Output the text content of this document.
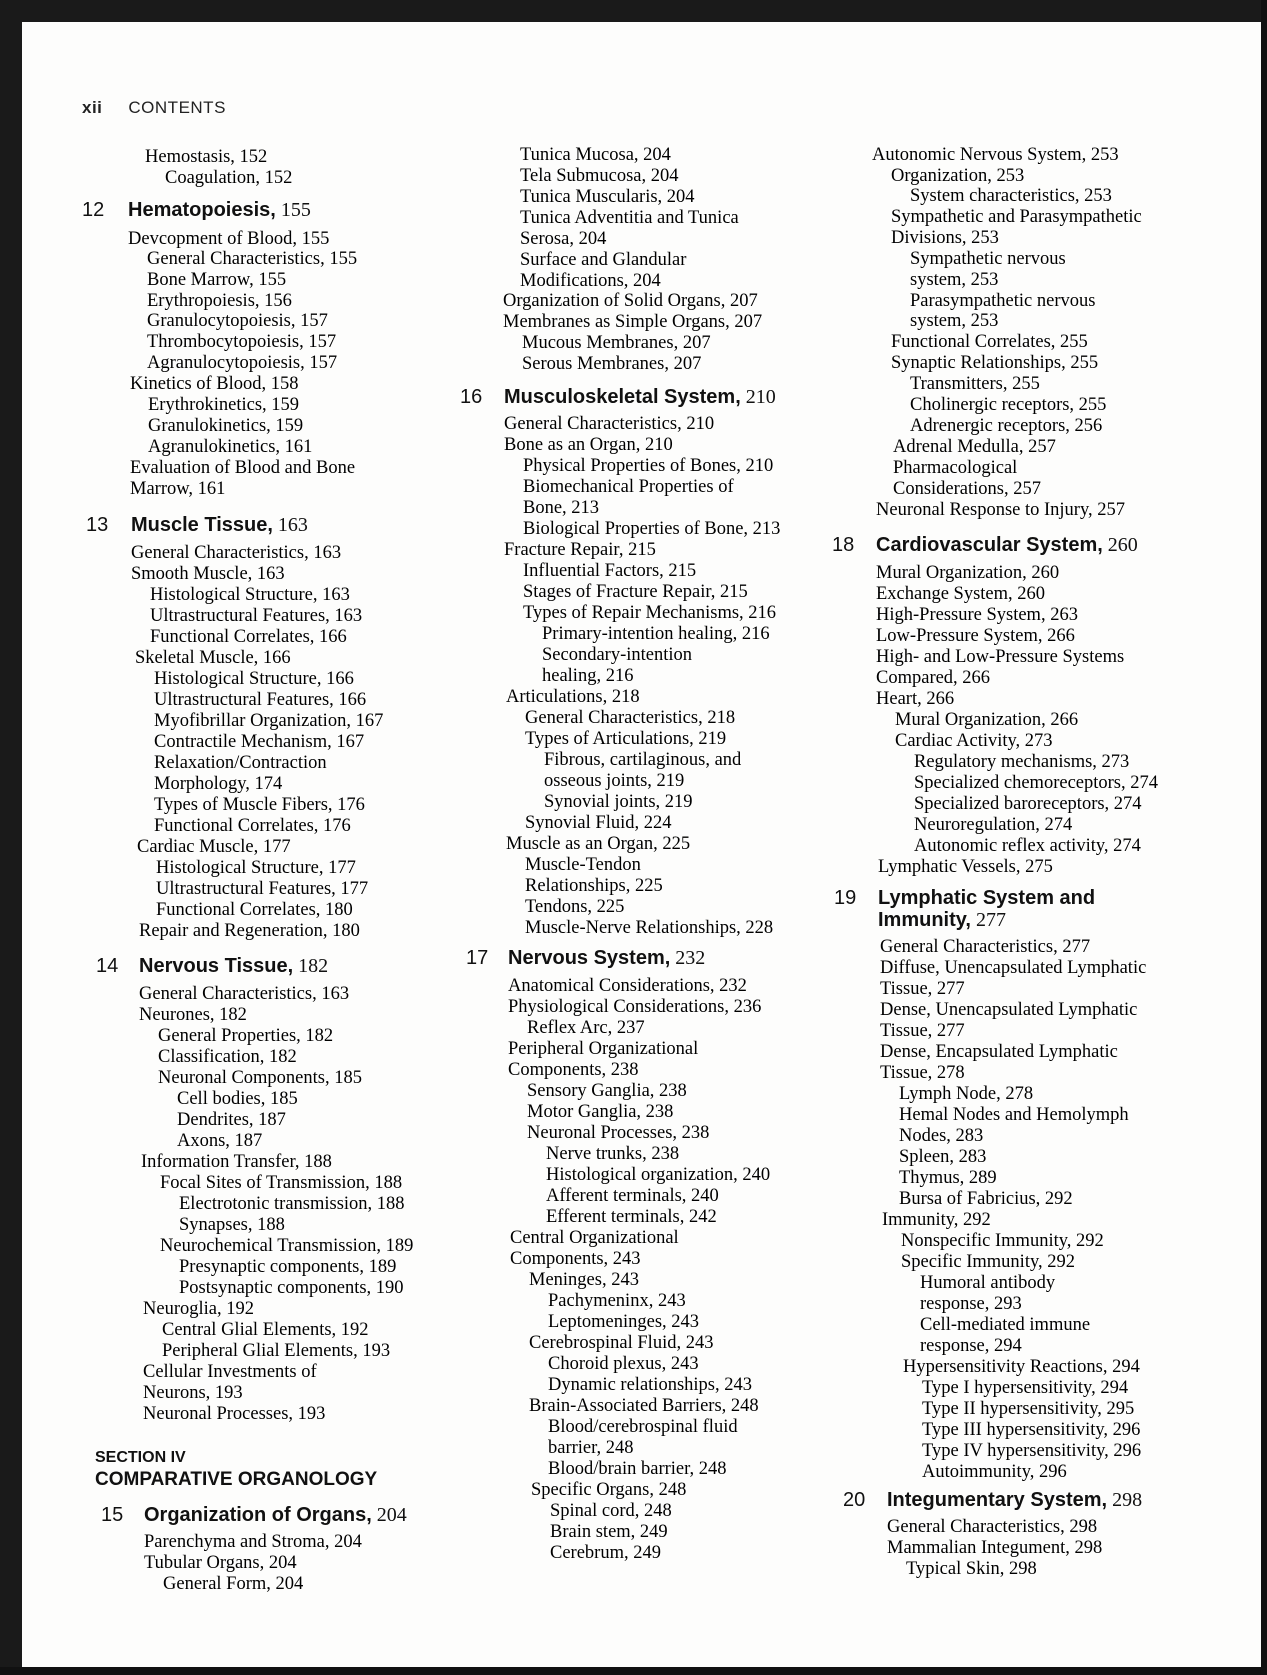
xii CONTENTS
Hemostasis, 152
Coagulation, 152
12 Hematopoiesis, 155
Devcopment of Blood, 155
General Characteristics, 155
Bone Marrow, 155
Erythropoiesis, 156
Granulocytopoiesis, 157
Thrombocytopoiesis, 157
Agranulocytopoiesis, 157
Kinetics of Blood, 158
Erythrokinetics, 159
Granulokinetics, 159
Agranulokinetics, 161
Evaluation of Blood and Bone
Marrow, 161
13 Muscle Tissue, 163
General Characteristics, 163
Smooth Muscle, 163
Histological Structure, 163
Ultrastructural Features, 163
Functional Correlates, 166
Skeletal Muscle, 166
Histological Structure, 166
Ultrastructural Features, 166
Myofibrillar Organization, 167
Contractile Mechanism, 167
Relaxation/Contraction
Morphology, 174
Types of Muscle Fibers, 176
Functional Correlates, 176
Cardiac Muscle, 177
Histological Structure, 177
Ultrastructural Features, 177
Functional Correlates, 180
Repair and Regeneration, 180
14 Nervous Tissue, 182
General Characteristics, 163
Neurones, 182
General Properties, 182
Classification, 182
Neuronal Components, 185
Cell bodies, 185
Dendrites, 187
Axons, 187
Information Transfer, 188
Focal Sites of Transmission, 188
Electrotonic transmission, 188
Synapses, 188
Neurochemical Transmission, 189
Presynaptic components, 189
Postsynaptic components, 190
Neuroglia, 192
Central Glial Elements, 192
Peripheral Glial Elements, 193
Cellular Investments of
Neurons, 193
Neuronal Processes, 193
SECTION IV
COMPARATIVE ORGANOLOGY
15 Organization of Organs, 204
Parenchyma and Stroma, 204
Tubular Organs, 204
General Form, 204
Tunica Mucosa, 204
Tela Submucosa, 204
Tunica Muscularis, 204
Tunica Adventitia and Tunica
Serosa, 204
Surface and Glandular
Modifications, 204
Organization of Solid Organs, 207
Membranes as Simple Organs, 207
Mucous Membranes, 207
Serous Membranes, 207
16 Musculoskeletal System, 210
General Characteristics, 210
Bone as an Organ, 210
Physical Properties of Bones, 210
Biomechanical Properties of
Bone, 213
Biological Properties of Bone, 213
Fracture Repair, 215
Influential Factors, 215
Stages of Fracture Repair, 215
Types of Repair Mechanisms, 216
Primary-intention healing, 216
Secondary-intention
healing, 216
Articulations, 218
General Characteristics, 218
Types of Articulations, 219
Fibrous, cartilaginous, and
osseous joints, 219
Synovial joints, 219
Synovial Fluid, 224
Muscle as an Organ, 225
Muscle-Tendon
Relationships, 225
Tendons, 225
Muscle-Nerve Relationships, 228
17 Nervous System, 232
Anatomical Considerations, 232
Physiological Considerations, 236
Reflex Arc, 237
Peripheral Organizational
Components, 238
Sensory Ganglia, 238
Motor Ganglia, 238
Neuronal Processes, 238
Nerve trunks, 238
Histological organization, 240
Afferent terminals, 240
Efferent terminals, 242
Central Organizational
Components, 243
Meninges, 243
Pachymeninx, 243
Leptomeninges, 243
Cerebrospinal Fluid, 243
Choroid plexus, 243
Dynamic relationships, 243
Brain-Associated Barriers, 248
Blood/cerebrospinal fluid
barrier, 248
Blood/brain barrier, 248
Specific Organs, 248
Spinal cord, 248
Brain stem, 249
Cerebrum, 249
Autonomic Nervous System, 253
Organization, 253
System characteristics, 253
Sympathetic and Parasympathetic
Divisions, 253
Sympathetic nervous
system, 253
Parasympathetic nervous
system, 253
Functional Correlates, 255
Synaptic Relationships, 255
Transmitters, 255
Cholinergic receptors, 255
Adrenergic receptors, 256
Adrenal Medulla, 257
Pharmacological
Considerations, 257
Neuronal Response to Injury, 257
18 Cardiovascular System, 260
Mural Organization, 260
Exchange System, 260
High-Pressure System, 263
Low-Pressure System, 266
High- and Low-Pressure Systems
Compared, 266
Heart, 266
Mural Organization, 266
Cardiac Activity, 273
Regulatory mechanisms, 273
Specialized chemoreceptors, 274
Specialized baroreceptors, 274
Neuroregulation, 274
Autonomic reflex activity, 274
Lymphatic Vessels, 275
19 Lymphatic System and
Immunity, 277
General Characteristics, 277
Diffuse, Unencapsulated Lymphatic
Tissue, 277
Dense, Unencapsulated Lymphatic
Tissue, 277
Dense, Encapsulated Lymphatic
Tissue, 278
Lymph Node, 278
Hemal Nodes and Hemolymph
Nodes, 283
Spleen, 283
Thymus, 289
Bursa of Fabricius, 292
Immunity, 292
Nonspecific Immunity, 292
Specific Immunity, 292
Humoral antibody
response, 293
Cell-mediated immune
response, 294
Hypersensitivity Reactions, 294
Type I hypersensitivity, 294
Type II hypersensitivity, 295
Type III hypersensitivity, 296
Type IV hypersensitivity, 296
Autoimmunity, 296
20 Integumentary System, 298
General Characteristics, 298
Mammalian Integument, 298
Typical Skin, 298
